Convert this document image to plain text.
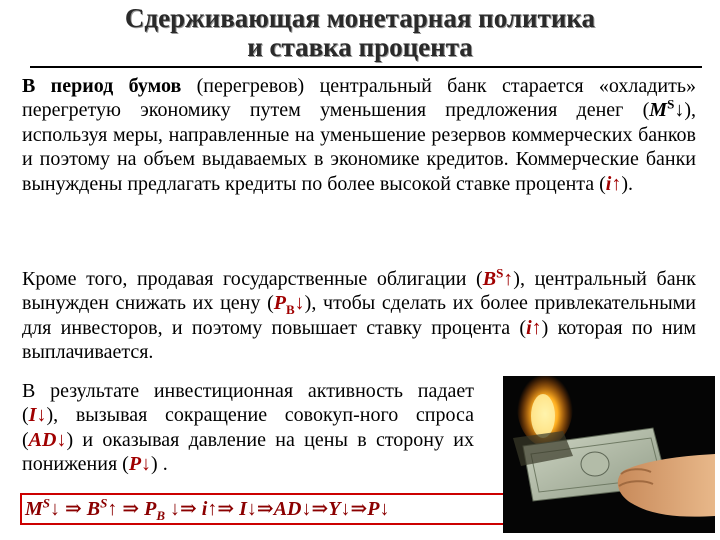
Сдерживающая монетарная политика
и ставка процента
В период бумов (перегревов) центральный банк старается «охладить» перегретую экономику путем уменьшения предложения денег $(M^S↓)$, используя меры, направленные на уменьшение резервов коммерческих банков и поэтому на объем выдаваемых в экономике кредитов. Коммерческие банки вынуждены предлагать кредиты по более высокой ставке процента (i↑).
Кроме того, продавая государственные облигации $(B^S↑)$, центральный банк вынужден снижать их цену $(P_B↓)$, чтобы сделать их более привлекательными для инвесторов, и поэтому повышает ставку процента (i↑) которая по ним выплачивается.
В результате инвестиционная активность падает (I↓), вызывая сокращение совокуп-ного спроса (AD↓) и оказывая давление на цены в сторону их понижения (P↓) .
$M^S↓$ ⇒ $B^S↑$ ⇒ $P_B$ ↓⇒ i↑⇒ I↓⇒AD↓⇒Y↓⇒P↓
